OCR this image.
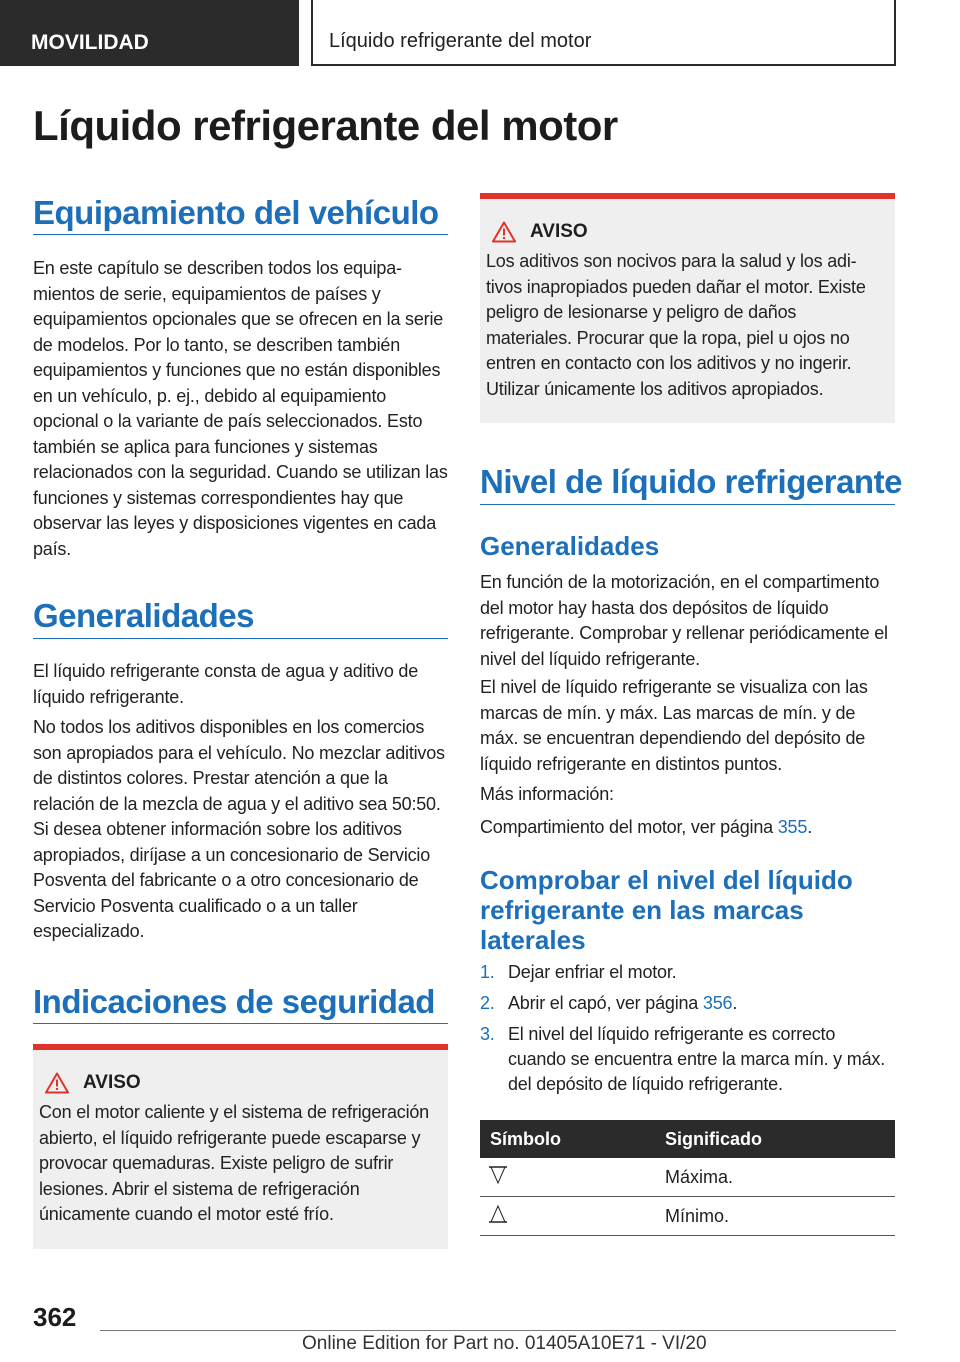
MOVILIDAD	Líquido refrigerante del motor
Líquido refrigerante del motor
Equipamiento del vehículo

En este capítulo se describen todos los equipamientos de serie, equipamientos de países y equipamientos opcionales que se ofrecen en la serie de modelos. Por lo tanto, se describen también equipamientos y funciones que no están disponibles en un vehículo, p. ej., debido al equipamiento opcional o la variante de país seleccionados. Esto también se aplica para funciones y sistemas relacionados con la seguridad. Cuando se utilizan las funciones y sistemas correspondientes hay que observar las leyes y disposiciones vigentes en cada país.

Generalidades

El líquido refrigerante consta de agua y aditivo de líquido refrigerante.

No todos los aditivos disponibles en los comercios son apropiados para el vehículo. No mezclar aditivos de distintos colores. Prestar atención a que la relación de la mezcla de agua y el aditivo sea 50:50. Si desea obtener información sobre los aditivos apropiados, diríjase a un concesionario de Servicio Posventa del fabricante o a otro concesionario de Servicio Posventa cualificado o a un taller especializado.

Indicaciones de seguridad
AVISO
Con el motor caliente y el sistema de refrigeración abierto, el líquido refrigerante puede escaparse y provocar quemaduras. Existe peligro de sufrir lesiones. Abrir el sistema de refrigeración únicamente cuando el motor esté frío.
AVISO
Los aditivos son nocivos para la salud y los aditivos inapropiados pueden dañar el motor. Existe peligro de lesionarse y peligro de daños materiales. Procurar que la ropa, piel u ojos no entren en contacto con los aditivos y no ingerir. Utilizar únicamente los aditivos apropiados.
Nivel de líquido refrigerante
Generalidades

En función de la motorización, en el compartimento del motor hay hasta dos depósitos de líquido refrigerante. Comprobar y rellenar periódicamente el nivel del líquido refrigerante.

El nivel de líquido refrigerante se visualiza con las marcas de mín. y máx. Las marcas de mín. y de máx. se encuentran dependiendo del depósito de líquido refrigerante en distintos puntos.

Más información:

Compartimiento del motor, ver página 355.

Comprobar el nivel del líquido refrigerante en las marcas laterales
1. Dejar enfriar el motor.
2. Abrir el capó, ver página 356.
3. El nivel del líquido refrigerante es correcto cuando se encuentra entre la marca mín. y máx. del depósito de líquido refrigerante.
Símbolo	Significado
Máxima.
Mínimo.
362
Online Edition for Part no. 01405A10E71 - VI/20
